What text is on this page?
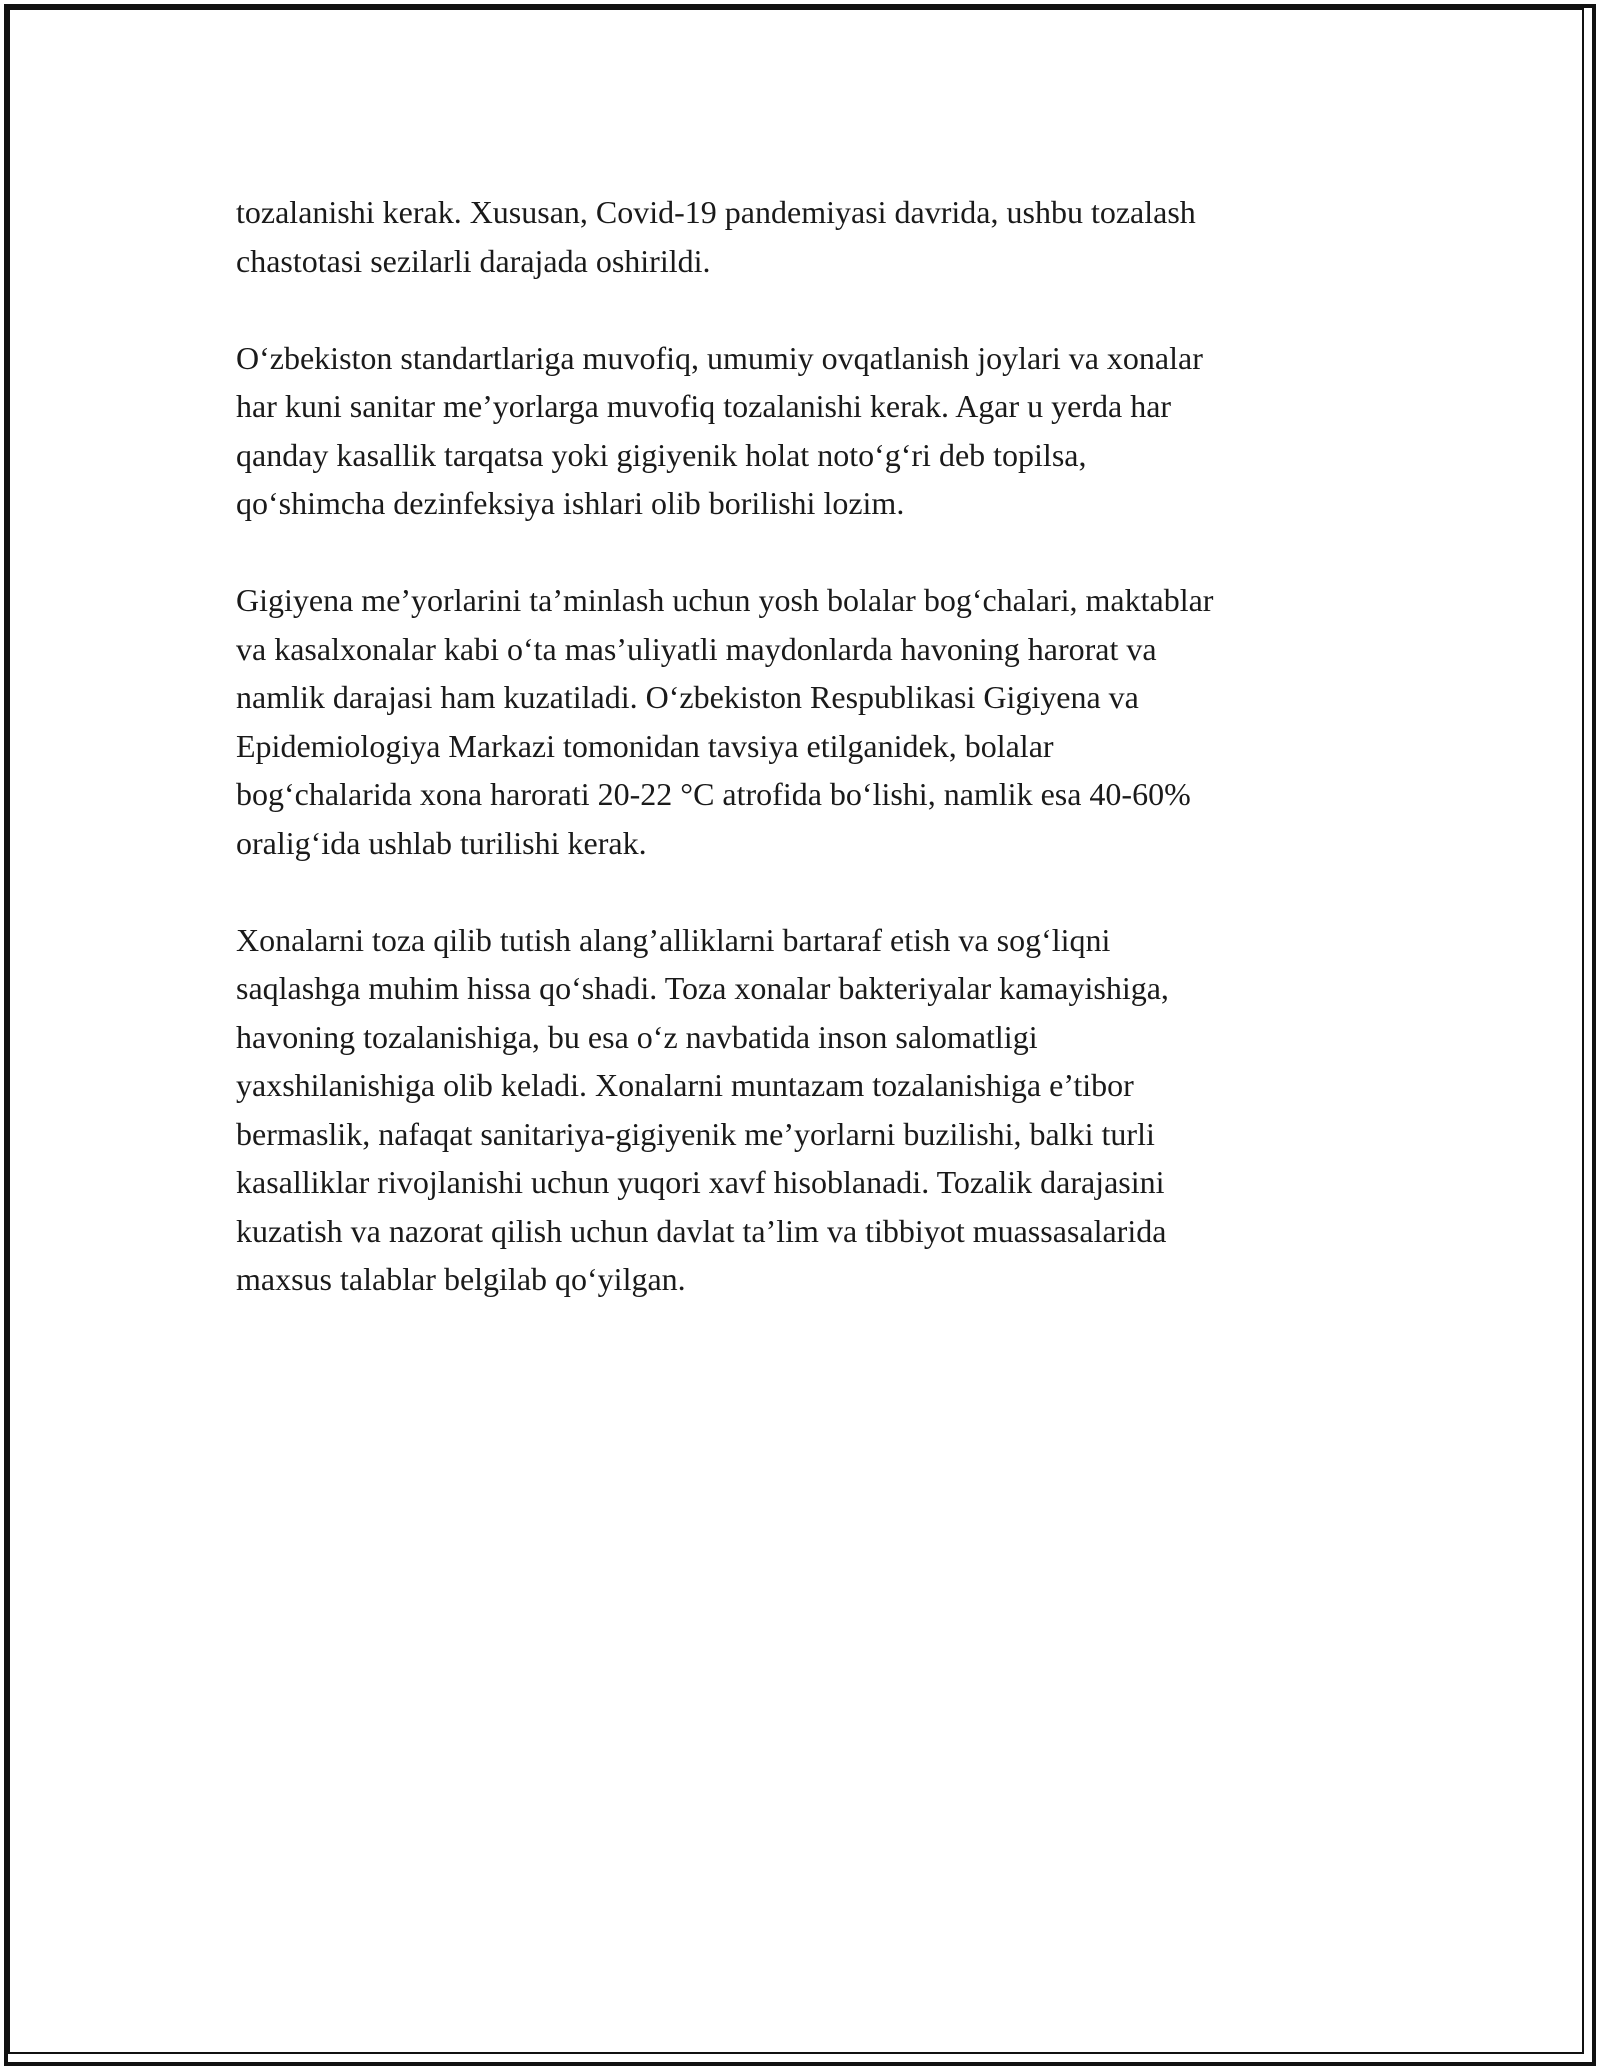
tozalanishi kerak. Xususan, Covid-19 pandemiyasi davrida, ushbu tozalash
chastotasi sezilarli darajada oshirildi.

O‘zbekiston standartlariga muvofiq, umumiy ovqatlanish joylari va xonalar
har kuni sanitar me’yorlarga muvofiq tozalanishi kerak. Agar u yerda har
qanday kasallik tarqatsa yoki gigiyenik holat noto‘g‘ri deb topilsa,
qo‘shimcha dezinfeksiya ishlari olib borilishi lozim.

Gigiyena me’yorlarini ta’minlash uchun yosh bolalar bog‘chalari, maktablar
va kasalxonalar kabi o‘ta mas’uliyatli maydonlarda havoning harorat va
namlik darajasi ham kuzatiladi. O‘zbekiston Respublikasi Gigiyena va
Epidemiologiya Markazi tomonidan tavsiya etilganidek, bolalar
bog‘chalarida xona harorati 20-22 °C atrofida bo‘lishi, namlik esa 40-60%
oralig‘ida ushlab turilishi kerak.

Xonalarni toza qilib tutish alang’alliklarni bartaraf etish va sog‘liqni
saqlashga muhim hissa qo‘shadi. Toza xonalar bakteriyalar kamayishiga,
havoning tozalanishiga, bu esa o‘z navbatida inson salomatligi
yaxshilanishiga olib keladi. Xonalarni muntazam tozalanishiga e’tibor
bermaslik, nafaqat sanitariya-gigiyenik me’yorlarni buzilishi, balki turli
kasalliklar rivojlanishi uchun yuqori xavf hisoblanadi. Tozalik darajasini
kuzatish va nazorat qilish uchun davlat ta’lim va tibbiyot muassasalarida
maxsus talablar belgilab qo‘yilgan.
